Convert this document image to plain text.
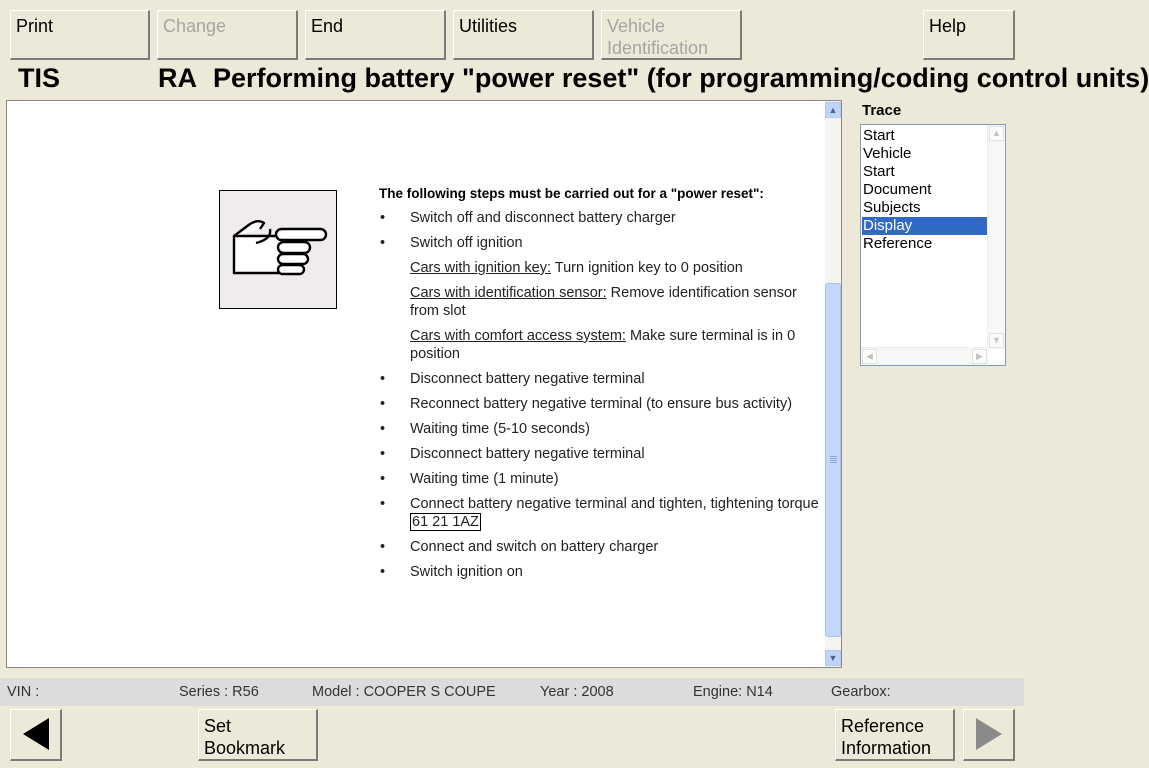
Print	Change	End	Utilities	Vehicle
Identification
Help
TIS	RA Performing battery "power reset" (for programming/coding control units)
The following steps must be carried out for a "power reset":
• Switch off and disconnect battery charger
• Switch off ignition
Cars with ignition key: Turn ignition key to 0 position
Cars with identification sensor: Remove identification sensor from slot
Cars with comfort access system: Make sure terminal is in 0 position
• Disconnect battery negative terminal
• Reconnect battery negative terminal (to ensure bus activity)
• Waiting time (5-10 seconds)
• Disconnect battery negative terminal
• Waiting time (1 minute)
• Connect battery negative terminal and tighten, tightening torque 61 21 1AZ
• Connect and switch on battery charger
• Switch ignition on
▲
▼
Trace
Start
Vehicle
Start
Document
Subjects
Display
Reference
▲
▼
◀	▶
VIN :	Series : R56	Model : COOPER S COUPE	Year : 2008	Engine: N14	Gearbox:
Set
Bookmark
Reference
Information
